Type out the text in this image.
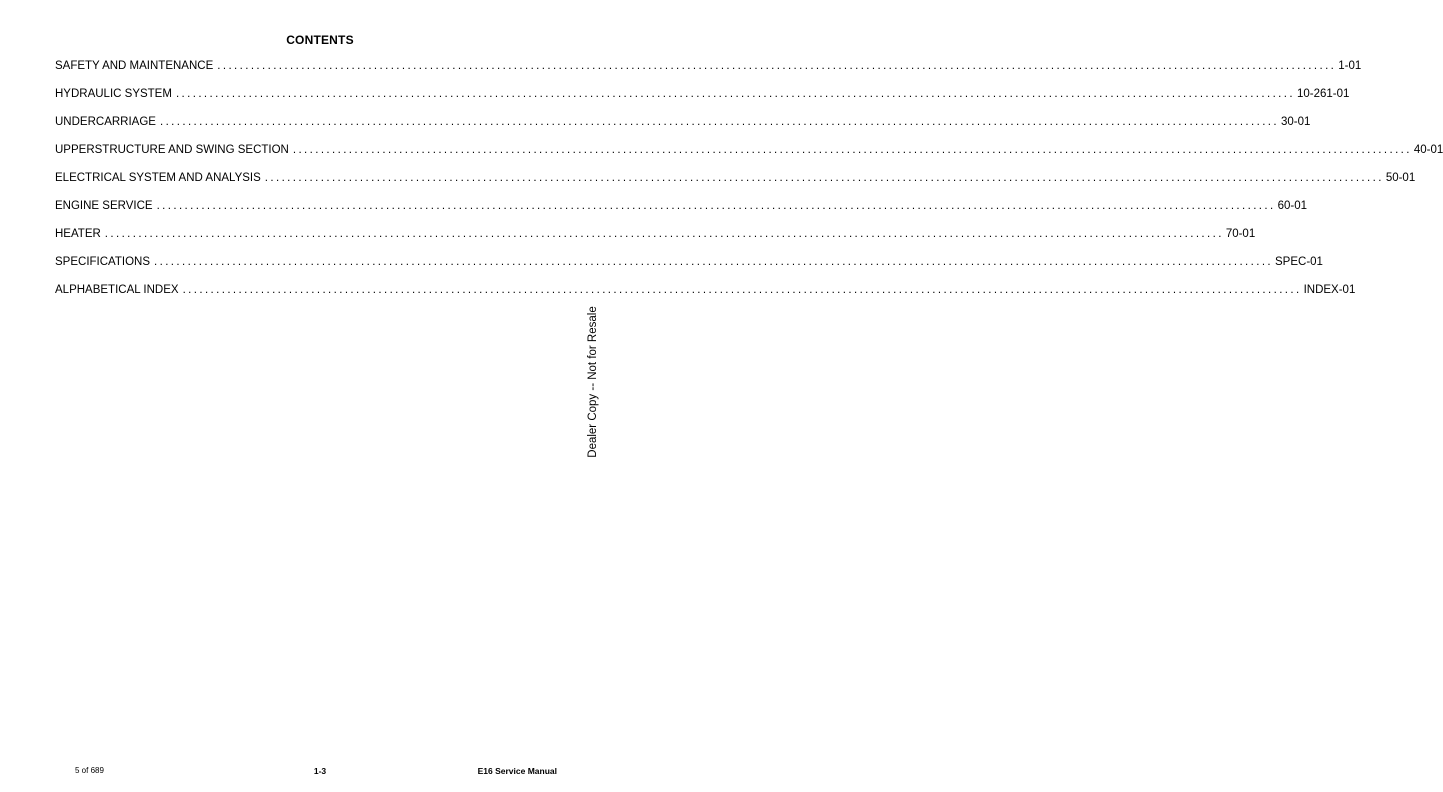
CONTENTS
SAFETY AND MAINTENANCE ........................................................................................................................................................................................................ 1-01
HYDRAULIC SYSTEM ........................................................................................................................................................................................................ 10-261-01
UNDERCARRIAGE ........................................................................................................................................................................................................ 30-01
UPPERSTRUCTURE AND SWING SECTION ........................................................................................................................................................................................................ 40-01
ELECTRICAL SYSTEM AND ANALYSIS ........................................................................................................................................................................................................ 50-01
ENGINE SERVICE ........................................................................................................................................................................................................ 60-01
HEATER ........................................................................................................................................................................................................ 70-01
SPECIFICATIONS ........................................................................................................................................................................................................ SPEC-01
ALPHABETICAL INDEX ........................................................................................................................................................................................................ INDEX-01
Dealer Copy -- Not for Resale
5 of 689	1-3	E16 Service Manual
